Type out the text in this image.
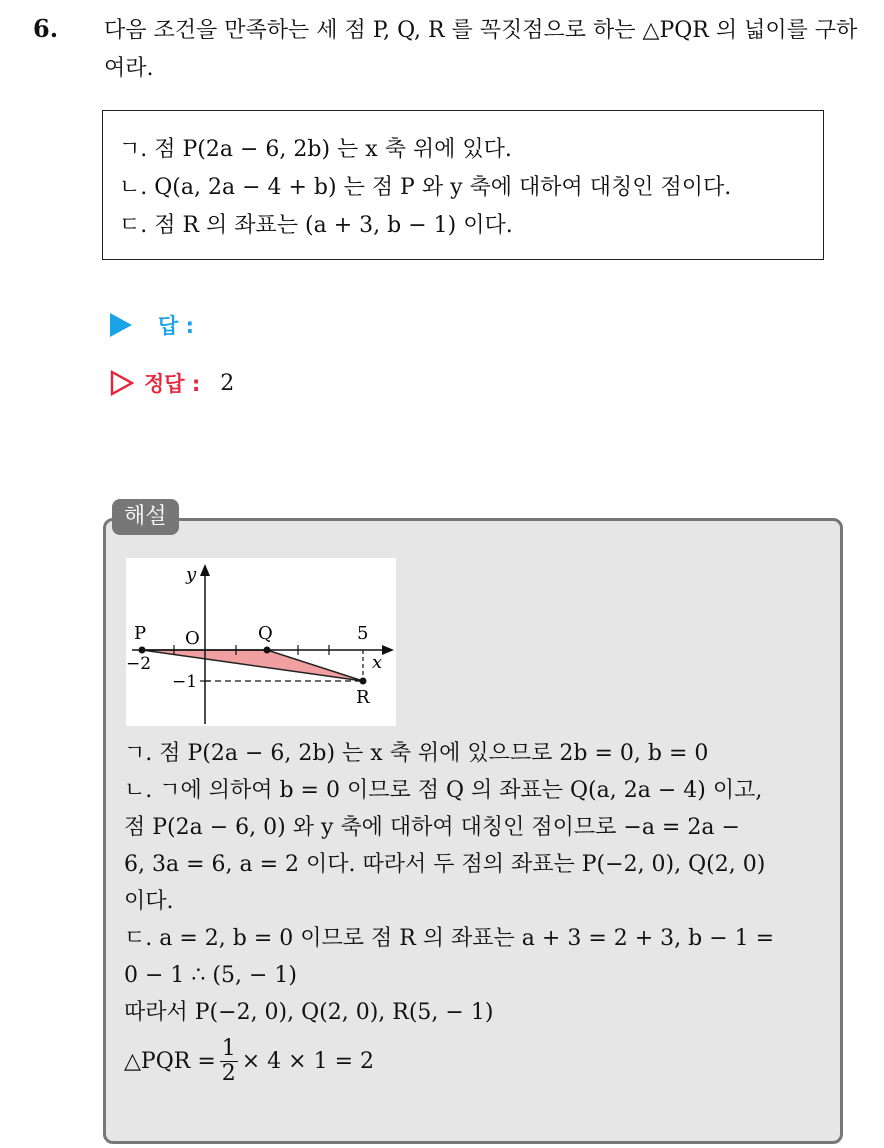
6. 다음 조건을 만족하는 세 점 P, Q, R 를 꼭짓점으로 하는 △PQR 의 넓이를 구하여라.
ㄱ. 점 P(2a − 6, 2b) 는 x 축 위에 있다.
ㄴ. Q(a, 2a − 4 + b) 는 점 P 와 y 축에 대하여 대칭인 점이다.
ㄷ. 점 R 의 좌표는 (a + 3, b − 1) 이다.
답 :
정답 : 2
해설
y
x
O
P	Q
R
−2
5
−1
ㄱ. 점 P(2a − 6, 2b) 는 x 축 위에 있으므로 2b = 0, b = 0
ㄴ. ㄱ에 의하여 b = 0 이므로 점 Q 의 좌표는 Q(a, 2a − 4) 이고,
점 P(2a − 6, 0) 와 y 축에 대하여 대칭인 점이므로 −a = 2a −
6, 3a = 6, a = 2 이다. 따라서 두 점의 좌표는 P(−2, 0), Q(2, 0)
이다.
ㄷ. a = 2, b = 0 이므로 점 R 의 좌표는 a + 3 = 2 + 3, b − 1 =
0 − 1 ∴ (5, − 1)
따라서 P(−2, 0), Q(2, 0), R(5, − 1)
△PQR = $\frac{1}{2} \times 4 \times 1 = 2$
